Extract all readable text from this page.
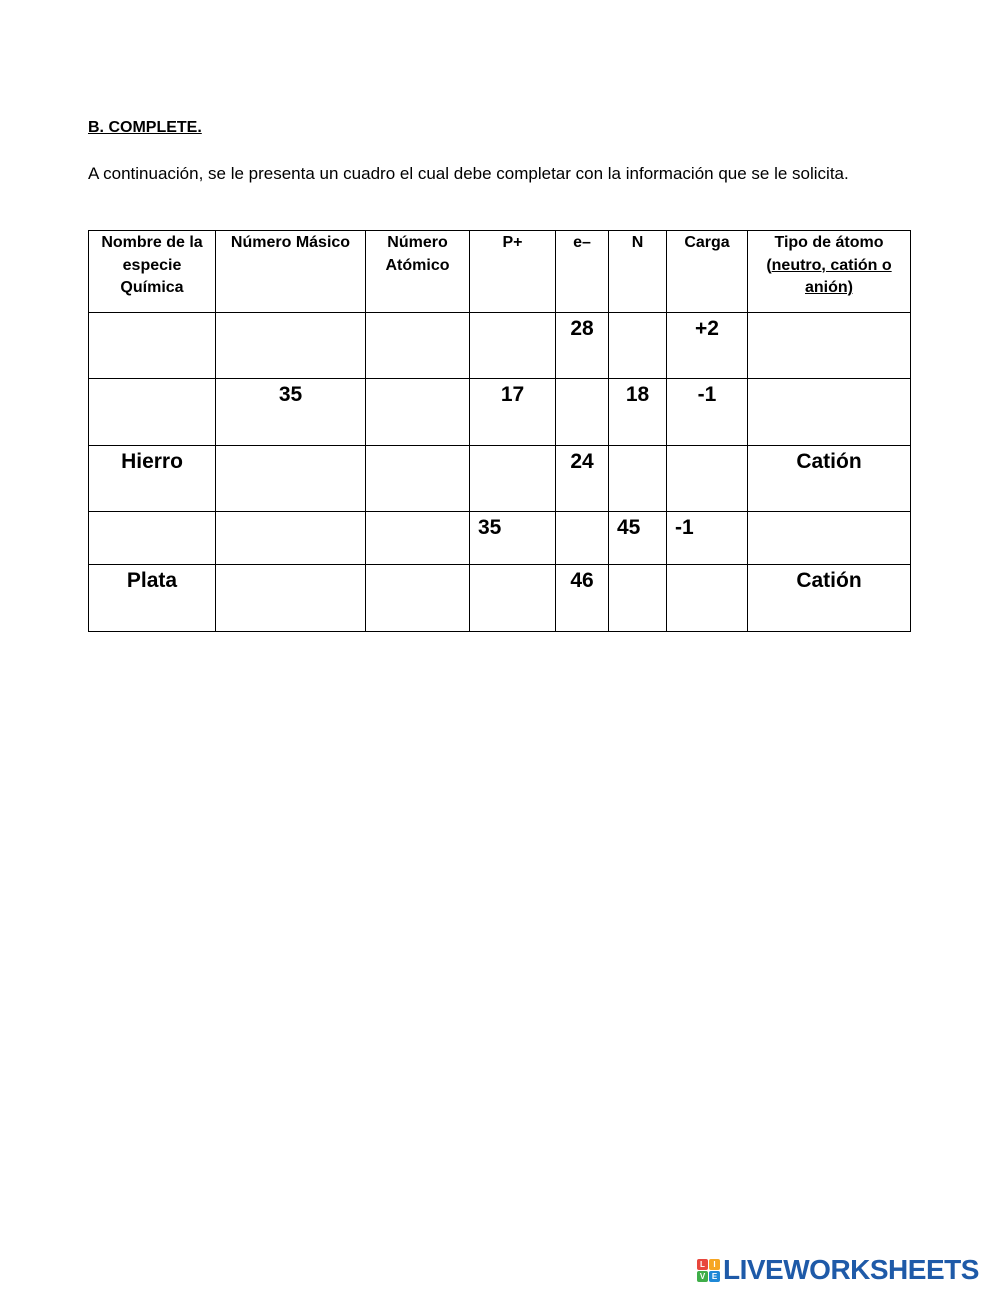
B. COMPLETE.
A continuación, se le presenta un cuadro el cual debe completar con la información que se le solicita.
Nombre de la especie Química	Número Másico	Número Atómico	P+	e–	N	Carga	Tipo de átomo
(neutro, catión o anión)
				28		+2	
	35		17		18	-1	
Hierro				24			Catión
			35		45	-1	
Plata				46			Catión
L	I
V E LIVEWORKSHEETS
